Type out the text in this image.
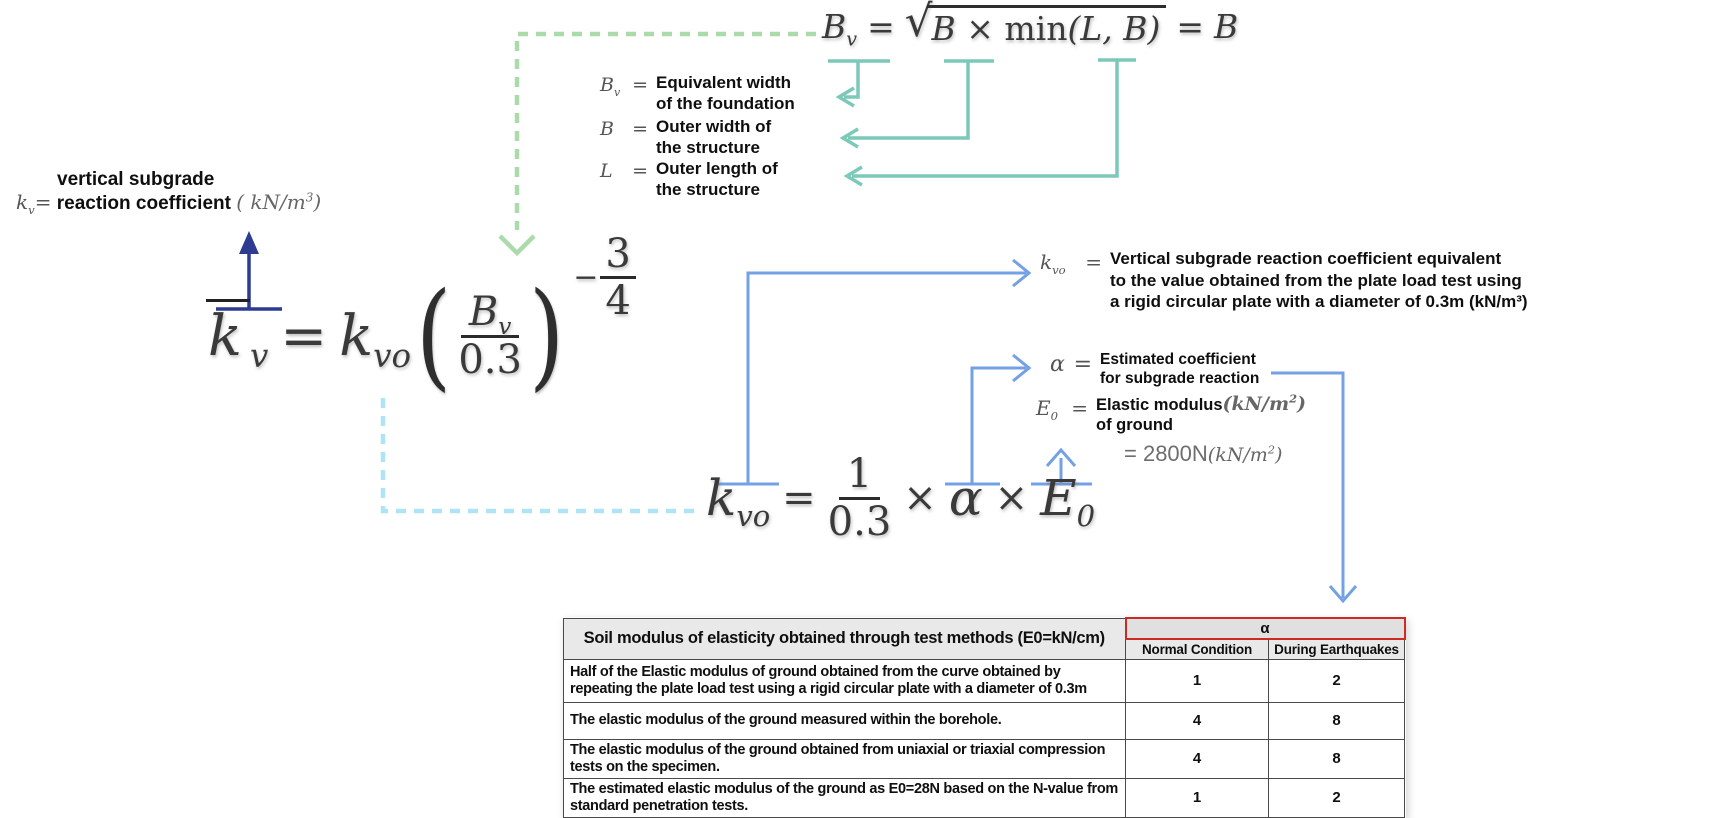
$B_v$ = √ B × min(L, B) = B
$B_v$ = Equivalent width
of the foundation
B = Outer width of
the structure
L = Outer length of
the structure
vertical subgrade
$k_v=$ reaction coefficient ( $kN/m^3$)
k $_v = k_{vo}$ ( $\frac{B_v}{0.3}$ ) − $\frac{3}{4}$
$k_{vo} = \frac{1}{0.3} \times \alpha \times E_0$
$k_{vo}$ = Vertical subgrade reaction coefficient equivalent
to the value obtained from the plate load test using
a rigid circular plate with a diameter of 0.3m (kN/m³)
α = Estimated coefficient
for subgrade reaction
$E_0$ = Elastic $modulus(kN/m^2)$
of ground
= $2800N(kN/m^2)$
Soil modulus of elasticity obtained through test methods (E0=kN/cm)	α	
	Normal Condition	During Earthquakes
Half of the Elastic modulus of ground obtained from the curve obtained by repeating the plate load test using a rigid circular plate with a diameter of 0.3m	1	2
The elastic modulus of the ground measured within the borehole.	4	8
The elastic modulus of the ground obtained from uniaxial or triaxial compression tests on the specimen.	4	8
The estimated elastic modulus of the ground as E0=28N based on the N-value from standard penetration tests.	1	2
